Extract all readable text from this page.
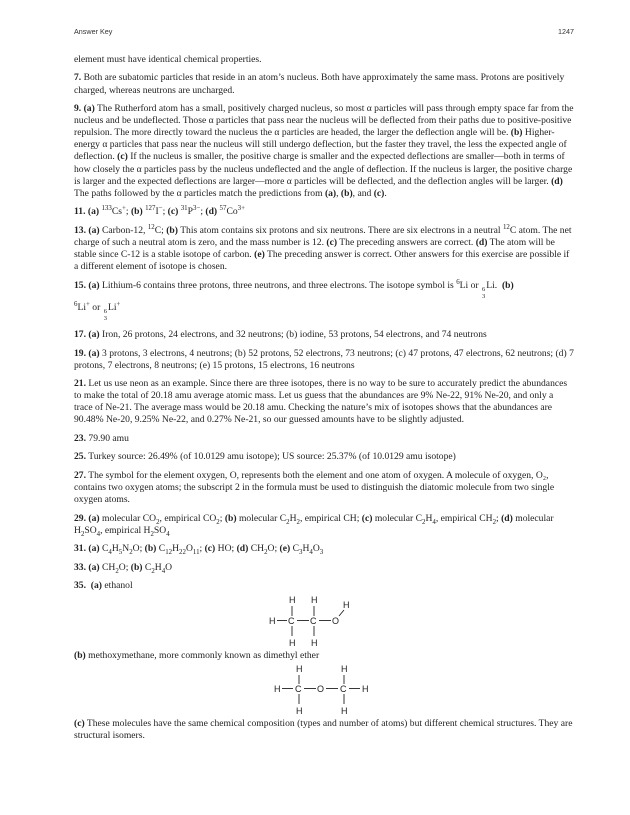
Answer Key	1247

element must have identical chemical properties.

7. Both are subatomic particles that reside in an atom’s nucleus. Both have approximately the same mass. Protons are positively charged, whereas neutrons are uncharged.

9. (a) The Rutherford atom has a small, positively charged nucleus, so most α particles will pass through empty space far from the nucleus and be undeflected. Those α particles that pass near the nucleus will be deflected from their paths due to positive-positive repulsion. The more directly toward the nucleus the α particles are headed, the larger the deflection angle will be. (b) Higher-energy α particles that pass near the nucleus will still undergo deflection, but the faster they travel, the less the expected angle of deflection. (c) If the nucleus is smaller, the positive charge is smaller and the expected deflections are smaller—both in terms of how closely the α particles pass by the nucleus undeflected and the angle of deflection. If the nucleus is larger, the positive charge is larger and the expected deflections are larger—more α particles will be deflected, and the deflection angles will be larger. (d) The paths followed by the α particles match the predictions from (a), (b), and (c).

11. (a) $^{133}$Cs+; (b) $^{127}$I−; (c) $^{31}P^{3-}$; (d) $^{57}Co^{3+}$

13. (a) Carbon-12, $^{12}$C; (b) This atom contains six protons and six neutrons. There are six electrons in a neutral $^{12}$C atom. The net charge of such a neutral atom is zero, and the mass number is 12. (c) The preceding answers are correct. (d) The atom will be stable since C-12 is a stable isotope of carbon. (e) The preceding answer is correct. Other answers for this exercise are possible if a different element of isotope is chosen.

15. (a) Lithium-6 contains three protons, three neutrons, and three electrons. The isotope symbol is $^6$Li or 6
3
Li.  (b)
$^6$Li+ or 6
3
Li+

17. (a) Iron, 26 protons, 24 electrons, and 32 neutrons; (b) iodine, 53 protons, 54 electrons, and 74 neutrons

19. (a) 3 protons, 3 electrons, 4 neutrons; (b) 52 protons, 52 electrons, 73 neutrons; (c) 47 protons, 47 electrons, 62 neutrons; (d) 7 protons, 7 electrons, 8 neutrons; (e) 15 protons, 15 electrons, 16 neutrons

21. Let us use neon as an example. Since there are three isotopes, there is no way to be sure to accurately predict the abundances to make the total of 20.18 amu average atomic mass. Let us guess that the abundances are 9% Ne-22, 91% Ne-20, and only a trace of Ne-21. The average mass would be 20.18 amu. Checking the nature’s mix of isotopes shows that the abundances are 90.48% Ne-20, 9.25% Ne-22, and 0.27% Ne-21, so our guessed amounts have to be slightly adjusted.

23. 79.90 amu

25. Turkey source: 26.49% (of 10.0129 amu isotope); US source: 25.37% (of 10.0129 amu isotope)

27. The symbol for the element oxygen, O, represents both the element and one atom of oxygen. A molecule of oxygen, O₂, contains two oxygen atoms; the subscript 2 in the formula must be used to distinguish the diatomic molecule from two single oxygen atoms.

29. (a) molecular $CO_2$, empirical $CO_2$; (b) molecular $C_2H_2$, empirical CH; (c) molecular $C_2H_4$, empirical $CH_2$; (d) molecular $H_2SO_4$, empirical $H_2SO_4$

31. (a) $C_4H_5N_2O$; (b) $C_{12}H_{22}O_{11}$; (c) HO; (d) $CH_2O$; (e) $C_3H_4O_3$

33. (a) $CH_2O$; (b) $C_2H_4O$

35. (a) ethanol

H H	H
H C C O
H H

(b) methoxymethane, more commonly known as dimethyl ether

H	H
H C O C H
H	H

(c) These molecules have the same chemical composition (types and number of atoms) but different chemical structures. They are structural isomers.
